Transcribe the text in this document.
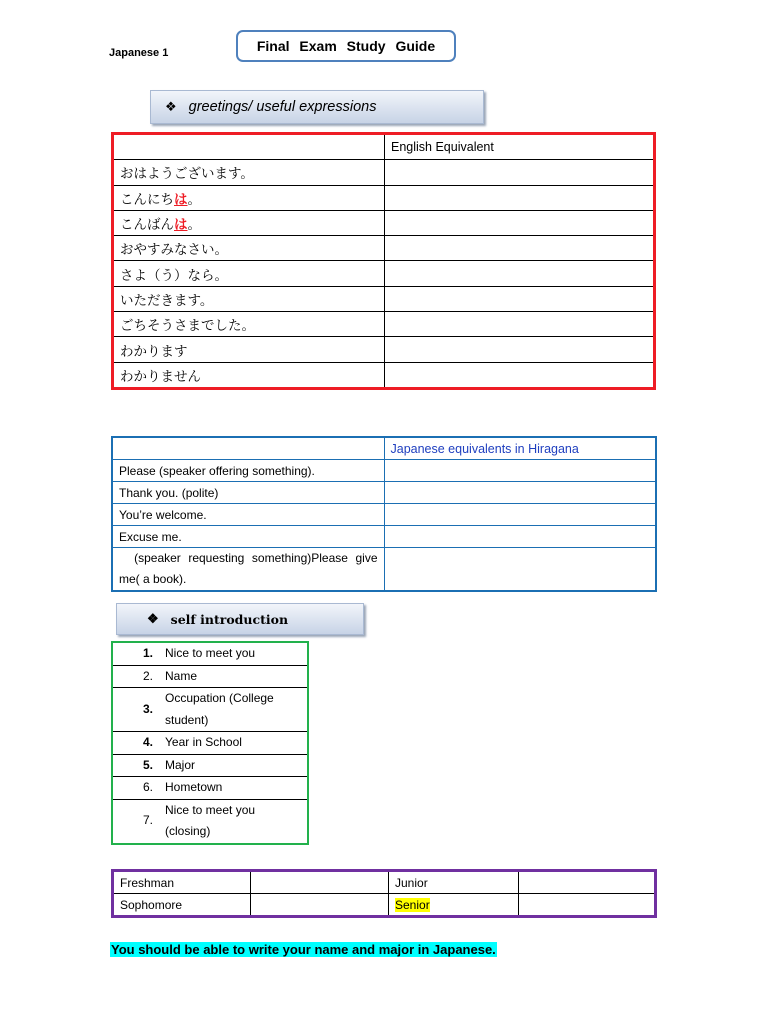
Japanese 1	Final Exam Study Guide
❖ greetings/ useful expressions
	English Equivalent
おはようございます。	
こんにちは。	
こんばんは。	
おやすみなさい。	
さよ（う）なら。	
いただきます。	
ごちそうさまでした。	
わかります	
わかりません	
	Japanese equivalents in Hiragana
Please (speaker offering something).	
Thank you. (polite)	
You’re welcome.	
Excuse me.	
(speaker requesting something)Please give me( a book).	
❖ self introduction
1.	Nice to meet you
2.	Name
3.	Occupation (College student)
4.	Year in School
5.	Major
6.	Hometown
7.	Nice to meet you (closing)
Freshman		Junior	
Sophomore		Senior	
You should be able to write your name and major in Japanese.
